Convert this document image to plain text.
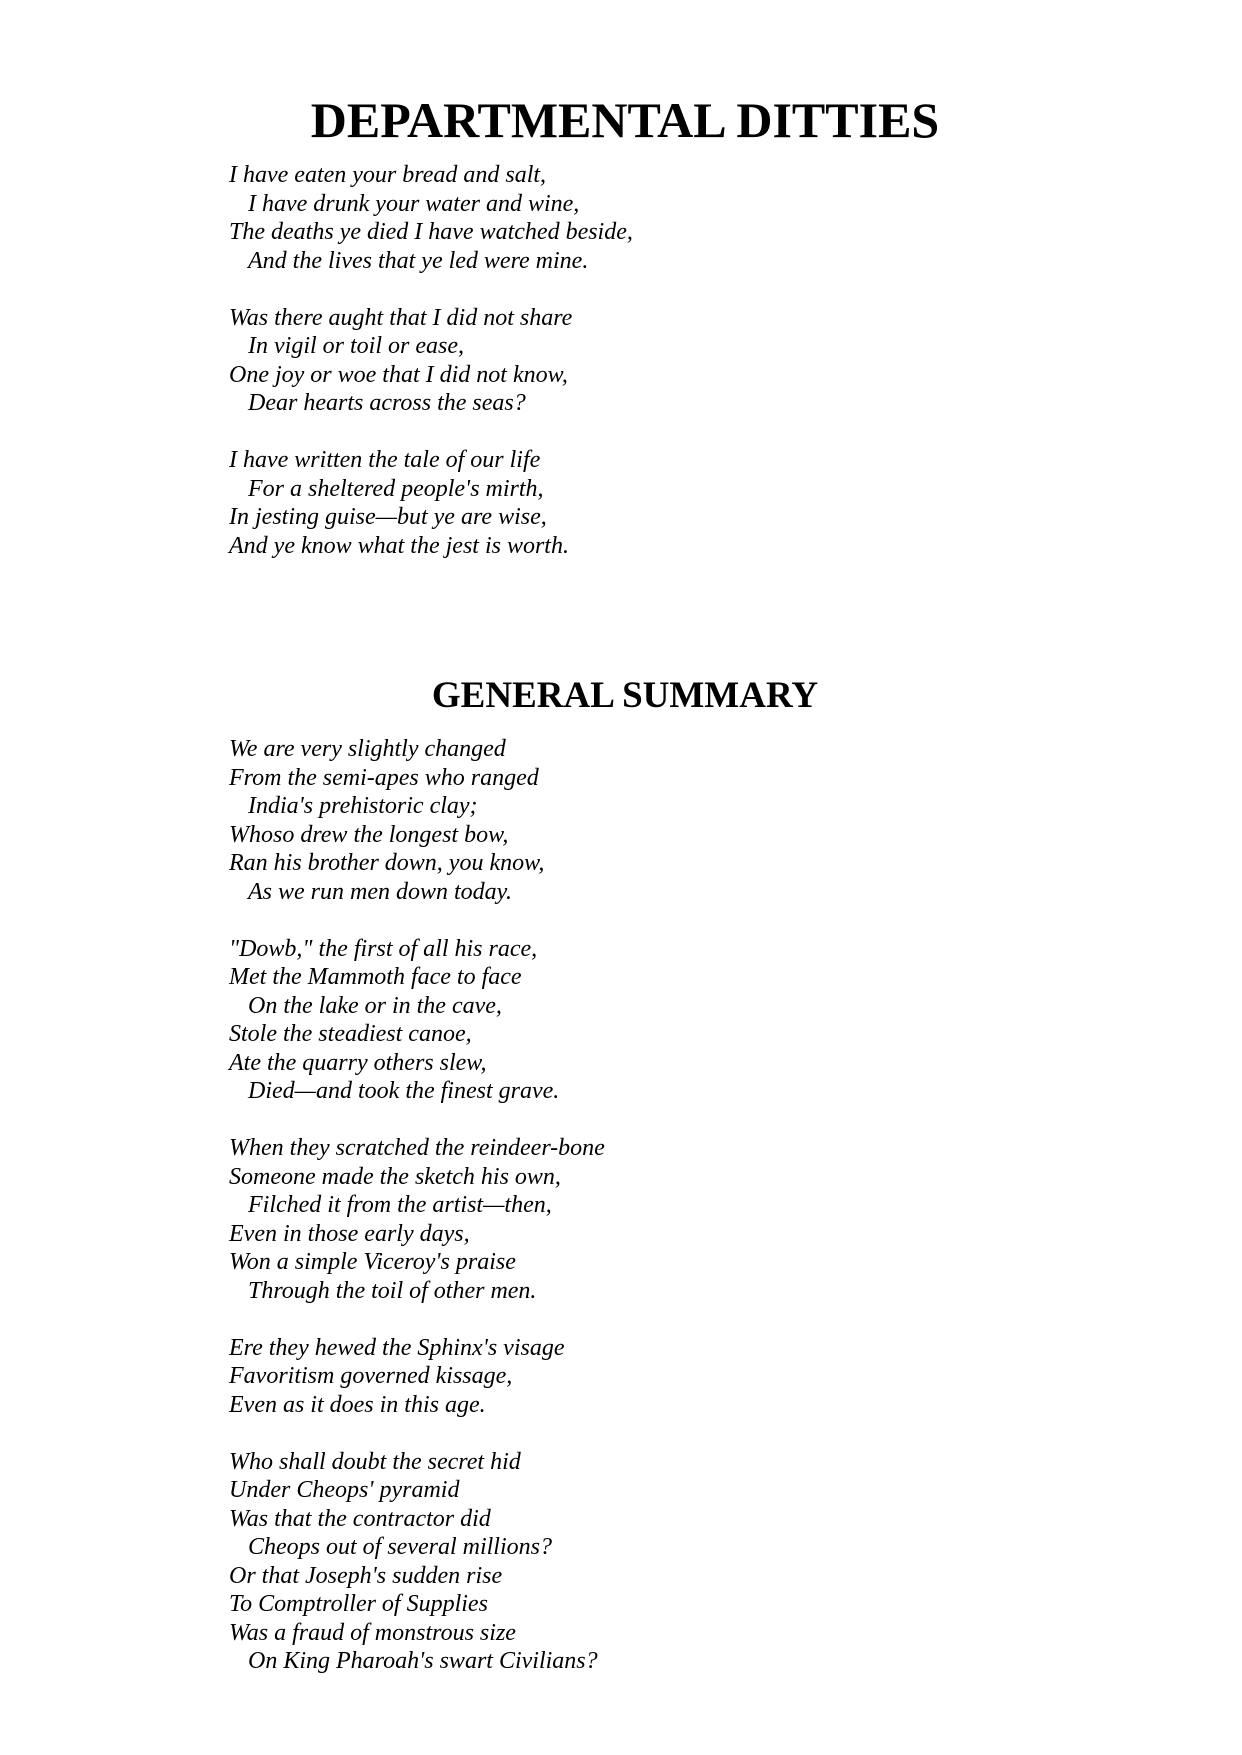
DEPARTMENTAL DITTIES
I have eaten your bread and salt,
I have drunk your water and wine,
The deaths ye died I have watched beside,
And the lives that ye led were mine.
Was there aught that I did not share
In vigil or toil or ease,
One joy or woe that I did not know,
Dear hearts across the seas?
I have written the tale of our life
For a sheltered people's mirth,
In jesting guise—but ye are wise,
And ye know what the jest is worth.
GENERAL SUMMARY
We are very slightly changed
From the semi-apes who ranged
India's prehistoric clay;
Whoso drew the longest bow,
Ran his brother down, you know,
As we run men down today.
"Dowb," the first of all his race,
Met the Mammoth face to face
On the lake or in the cave,
Stole the steadiest canoe,
Ate the quarry others slew,
Died—and took the finest grave.
When they scratched the reindeer-bone
Someone made the sketch his own,
Filched it from the artist—then,
Even in those early days,
Won a simple Viceroy's praise
Through the toil of other men.
Ere they hewed the Sphinx's visage
Favoritism governed kissage,
Even as it does in this age.
Who shall doubt the secret hid
Under Cheops' pyramid
Was that the contractor did
Cheops out of several millions?
Or that Joseph's sudden rise
To Comptroller of Supplies
Was a fraud of monstrous size
On King Pharoah's swart Civilians?
